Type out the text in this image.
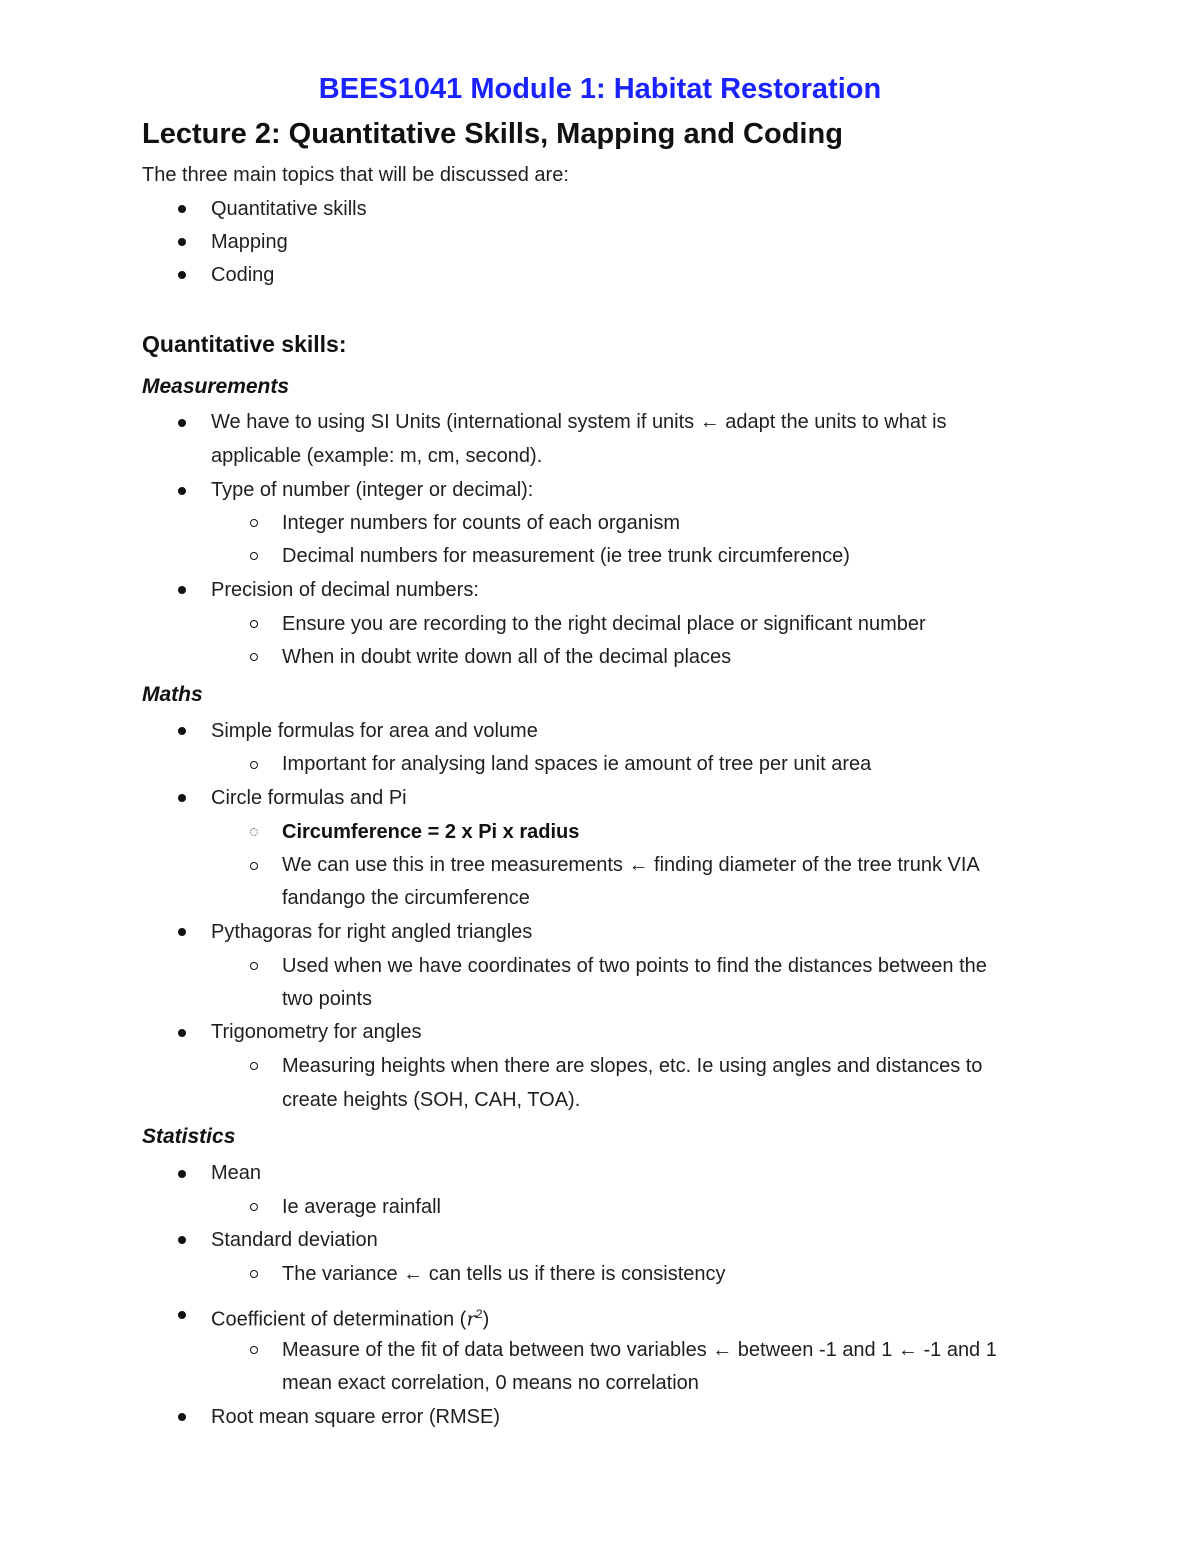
BEES1041 Module 1: Habitat Restoration
Lecture 2: Quantitative Skills, Mapping and Coding

The three main topics that will be discussed are:

Quantitative skills

Mapping

Coding

Quantitative skills:
Measurements

We have to using SI Units (international system if units ← adapt the units to what is

applicable (example: m, cm, second).

Type of number (integer or decimal):

Integer numbers for counts of each organism

Decimal numbers for measurement (ie tree trunk circumference)

Precision of decimal numbers:

Ensure you are recording to the right decimal place or significant number

When in doubt write down all of the decimal places

Maths

Simple formulas for area and volume

Important for analysing land spaces ie amount of tree per unit area

Circle formulas and Pi

Circumference = 2 x Pi x radius

We can use this in tree measurements ← finding diameter of the tree trunk VIA

fandango the circumference

Pythagoras for right angled triangles

Used when we have coordinates of two points to find the distances between the

two points

Trigonometry for angles

Measuring heights when there are slopes, etc. Ie using angles and distances to

create heights (SOH, CAH, TOA).

Statistics

Mean

Ie average rainfall

Standard deviation

The variance ← can tells us if there is consistency

Coefficient of determination $(r^2)$

Measure of the fit of data between two variables ← between -1 and 1 ← -1 and 1

mean exact correlation, 0 means no correlation

Root mean square error (RMSE)
